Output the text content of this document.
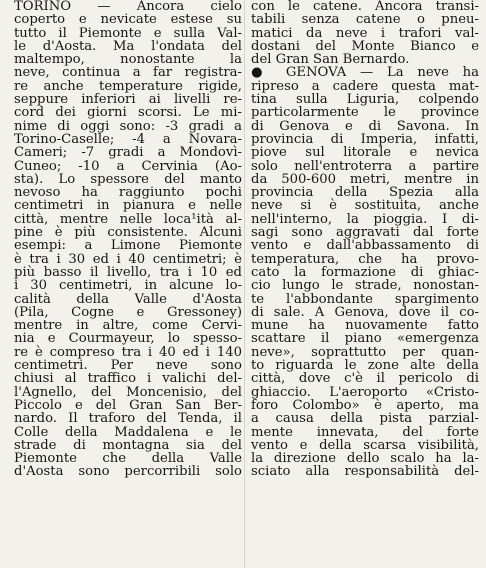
TORINO — Ancora cielo
coperto e nevicate estese su
tutto il Piemonte e sulla Val-
le d'Aosta. Ma l'ondata del
maltempo, nonostante la
neve, continua a far registra-
re anche temperature rigide,
seppure inferiori ai livelli re-
cord dei giorni scorsi. Le mi-
nime di oggi sono: -3 gradi a
Torino-Caselle; -4 a Novara-
Cameri; -7 gradi a Mondovì-
Cuneo; -10 a Cervinia (Ao-
sta). Lo spessore del manto
nevoso ha raggiunto pochi
centimetri in pianura e nelle
città, mentre nelle loca¹ità al-
pine è più consistente. Alcuni
esempi: a Limone Piemonte
è tra i 30 ed i 40 centimetri; è
più basso il livello, tra i 10 ed
i 30 centimetri, in alcune lo-
calità della Valle d'Aosta
(Pila, Cogne e Gressoney)
mentre in altre, come Cervi-
nia e Courmayeur, lo spesso-
re è compreso tra i 40 ed i 140
centimetri. Per neve sono
chiusi al traffico i valichi del-
l'Agnello, del Moncenisio, del
Piccolo e del Gran San Ber-
nardo. Il traforo del Tenda, il
Colle della Maddalena e le
strade di montagna sia del
Piemonte che della Valle
d'Aosta sono percorribili solo
con le catene. Ancora transi-
tabili senza catene o pneu-
matici da neve i trafori val-
dostani del Monte Bianco e
del Gran San Bernardo.
● GENOVA — La neve ha
ripreso a cadere questa mat-
tina sulla Liguria, colpendo
particolarmente le province
di Genova e di Savona. In
provincia di Imperia, infatti,
piove sul litorale e nevica
solo nell'entroterra a partire
da 500-600 metri, mentre in
provincia della Spezia alla
neve si è sostituita, anche
nell'interno, la pioggia. I di-
sagi sono aggravati dal forte
vento e dall'abbassamento di
temperatura, che ha provo-
cato la formazione di ghiac-
cio lungo le strade, nonostan-
te l'abbondante spargimento
di sale. A Genova, dove il co-
mune ha nuovamente fatto
scattare il piano «emergenza
neve», soprattutto per quan-
to riguarda le zone alte della
città, dove c'è il pericolo di
ghiaccio. L'aeroporto «Cristo-
foro Colombo» è aperto, ma
a causa della pista parzial-
mente innevata, del forte
vento e della scarsa visibilità,
la direzione dello scalo ha la-
sciato alla responsabilità del-
